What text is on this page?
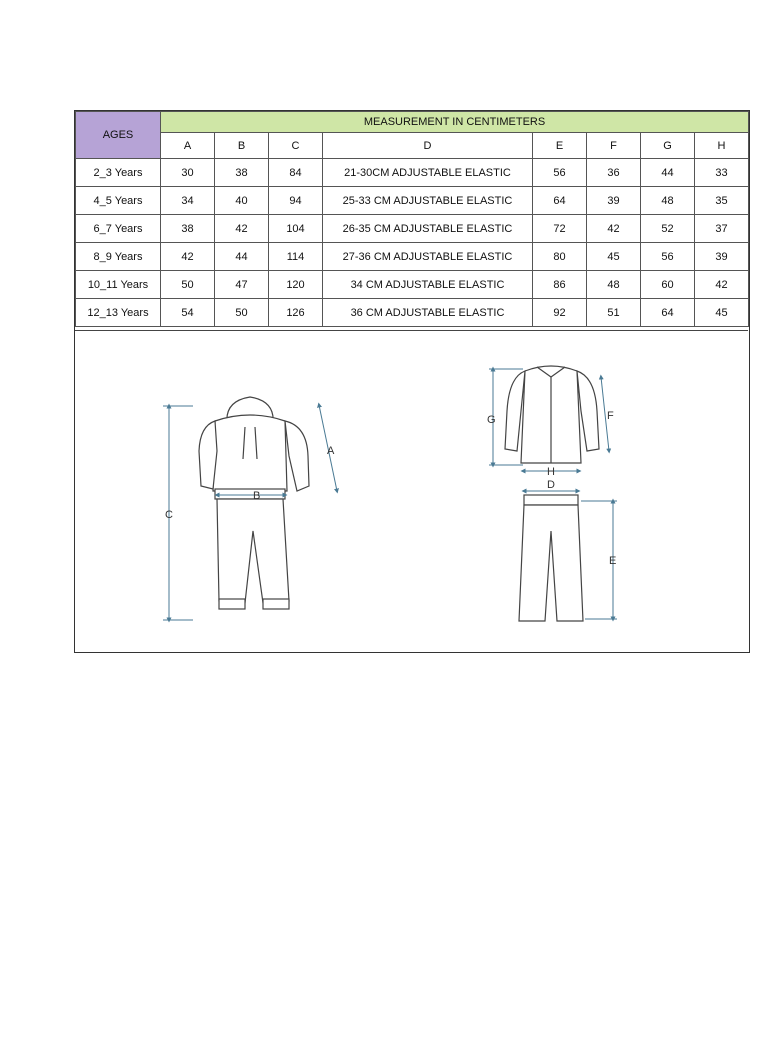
AGES	MEASUREMENT IN CENTIMETERS							
	A	B	C	D	E	F	G	H
2_3 Years	30	38	84	21-30CM ADJUSTABLE ELASTIC	56	36	44	33
4_5 Years	34	40	94	25-33 CM ADJUSTABLE ELASTIC	64	39	48	35
6_7 Years	38	42	104	26-35 CM ADJUSTABLE ELASTIC	72	42	52	37
8_9 Years	42	44	114	27-36 CM ADJUSTABLE ELASTIC	80	45	56	39
10_11 Years	50	47	120	34 CM ADJUSTABLE ELASTIC	86	48	60	42
12_13 Years	54	50	126	36 CM ADJUSTABLE ELASTIC	92	51	64	45
C
B
A
G	F
H
D
E
